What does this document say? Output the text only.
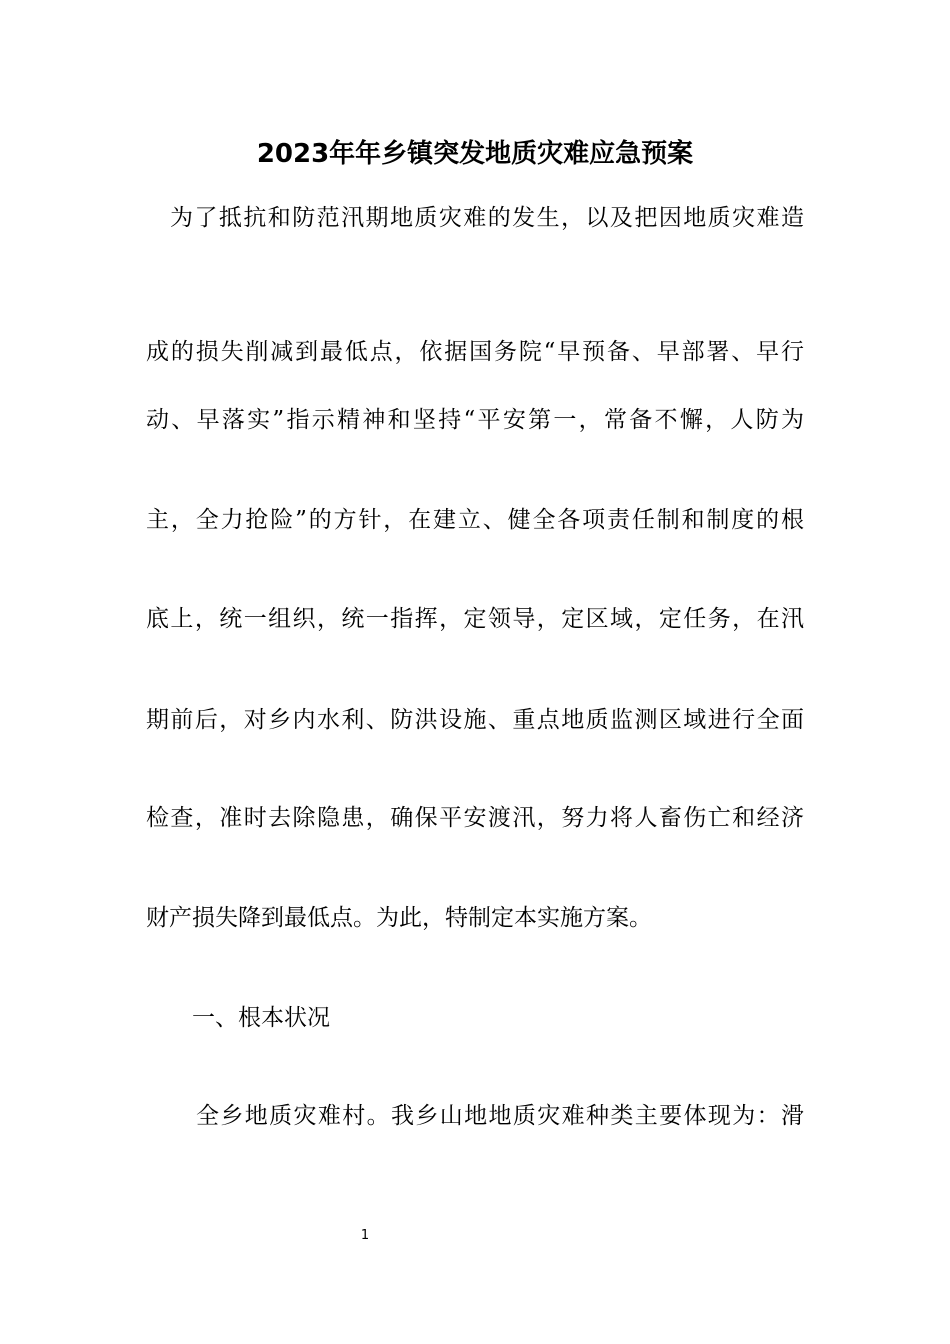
2023年年乡镇突发地质灾难应急预案
为了抵抗和防范汛期地质灾难的发生，以及把因地质灾难造
成的损失削减到最低点，依据国务院“早预备、早部署、早行
动、早落实”指示精神和坚持“平安第一，常备不懈，人防为
主，全力抢险”的方针，在建立、健全各项责任制和制度的根
底上，统一组织，统一指挥，定领导，定区域，定任务，在汛
期前后，对乡内水利、防洪设施、重点地质监测区域进行全面
检查，准时去除隐患，确保平安渡汛，努力将人畜伤亡和经济
财产损失降到最低点。为此，特制定本实施方案。
一、根本状况
全乡地质灾难村。我乡山地地质灾难种类主要体现为：滑
1
